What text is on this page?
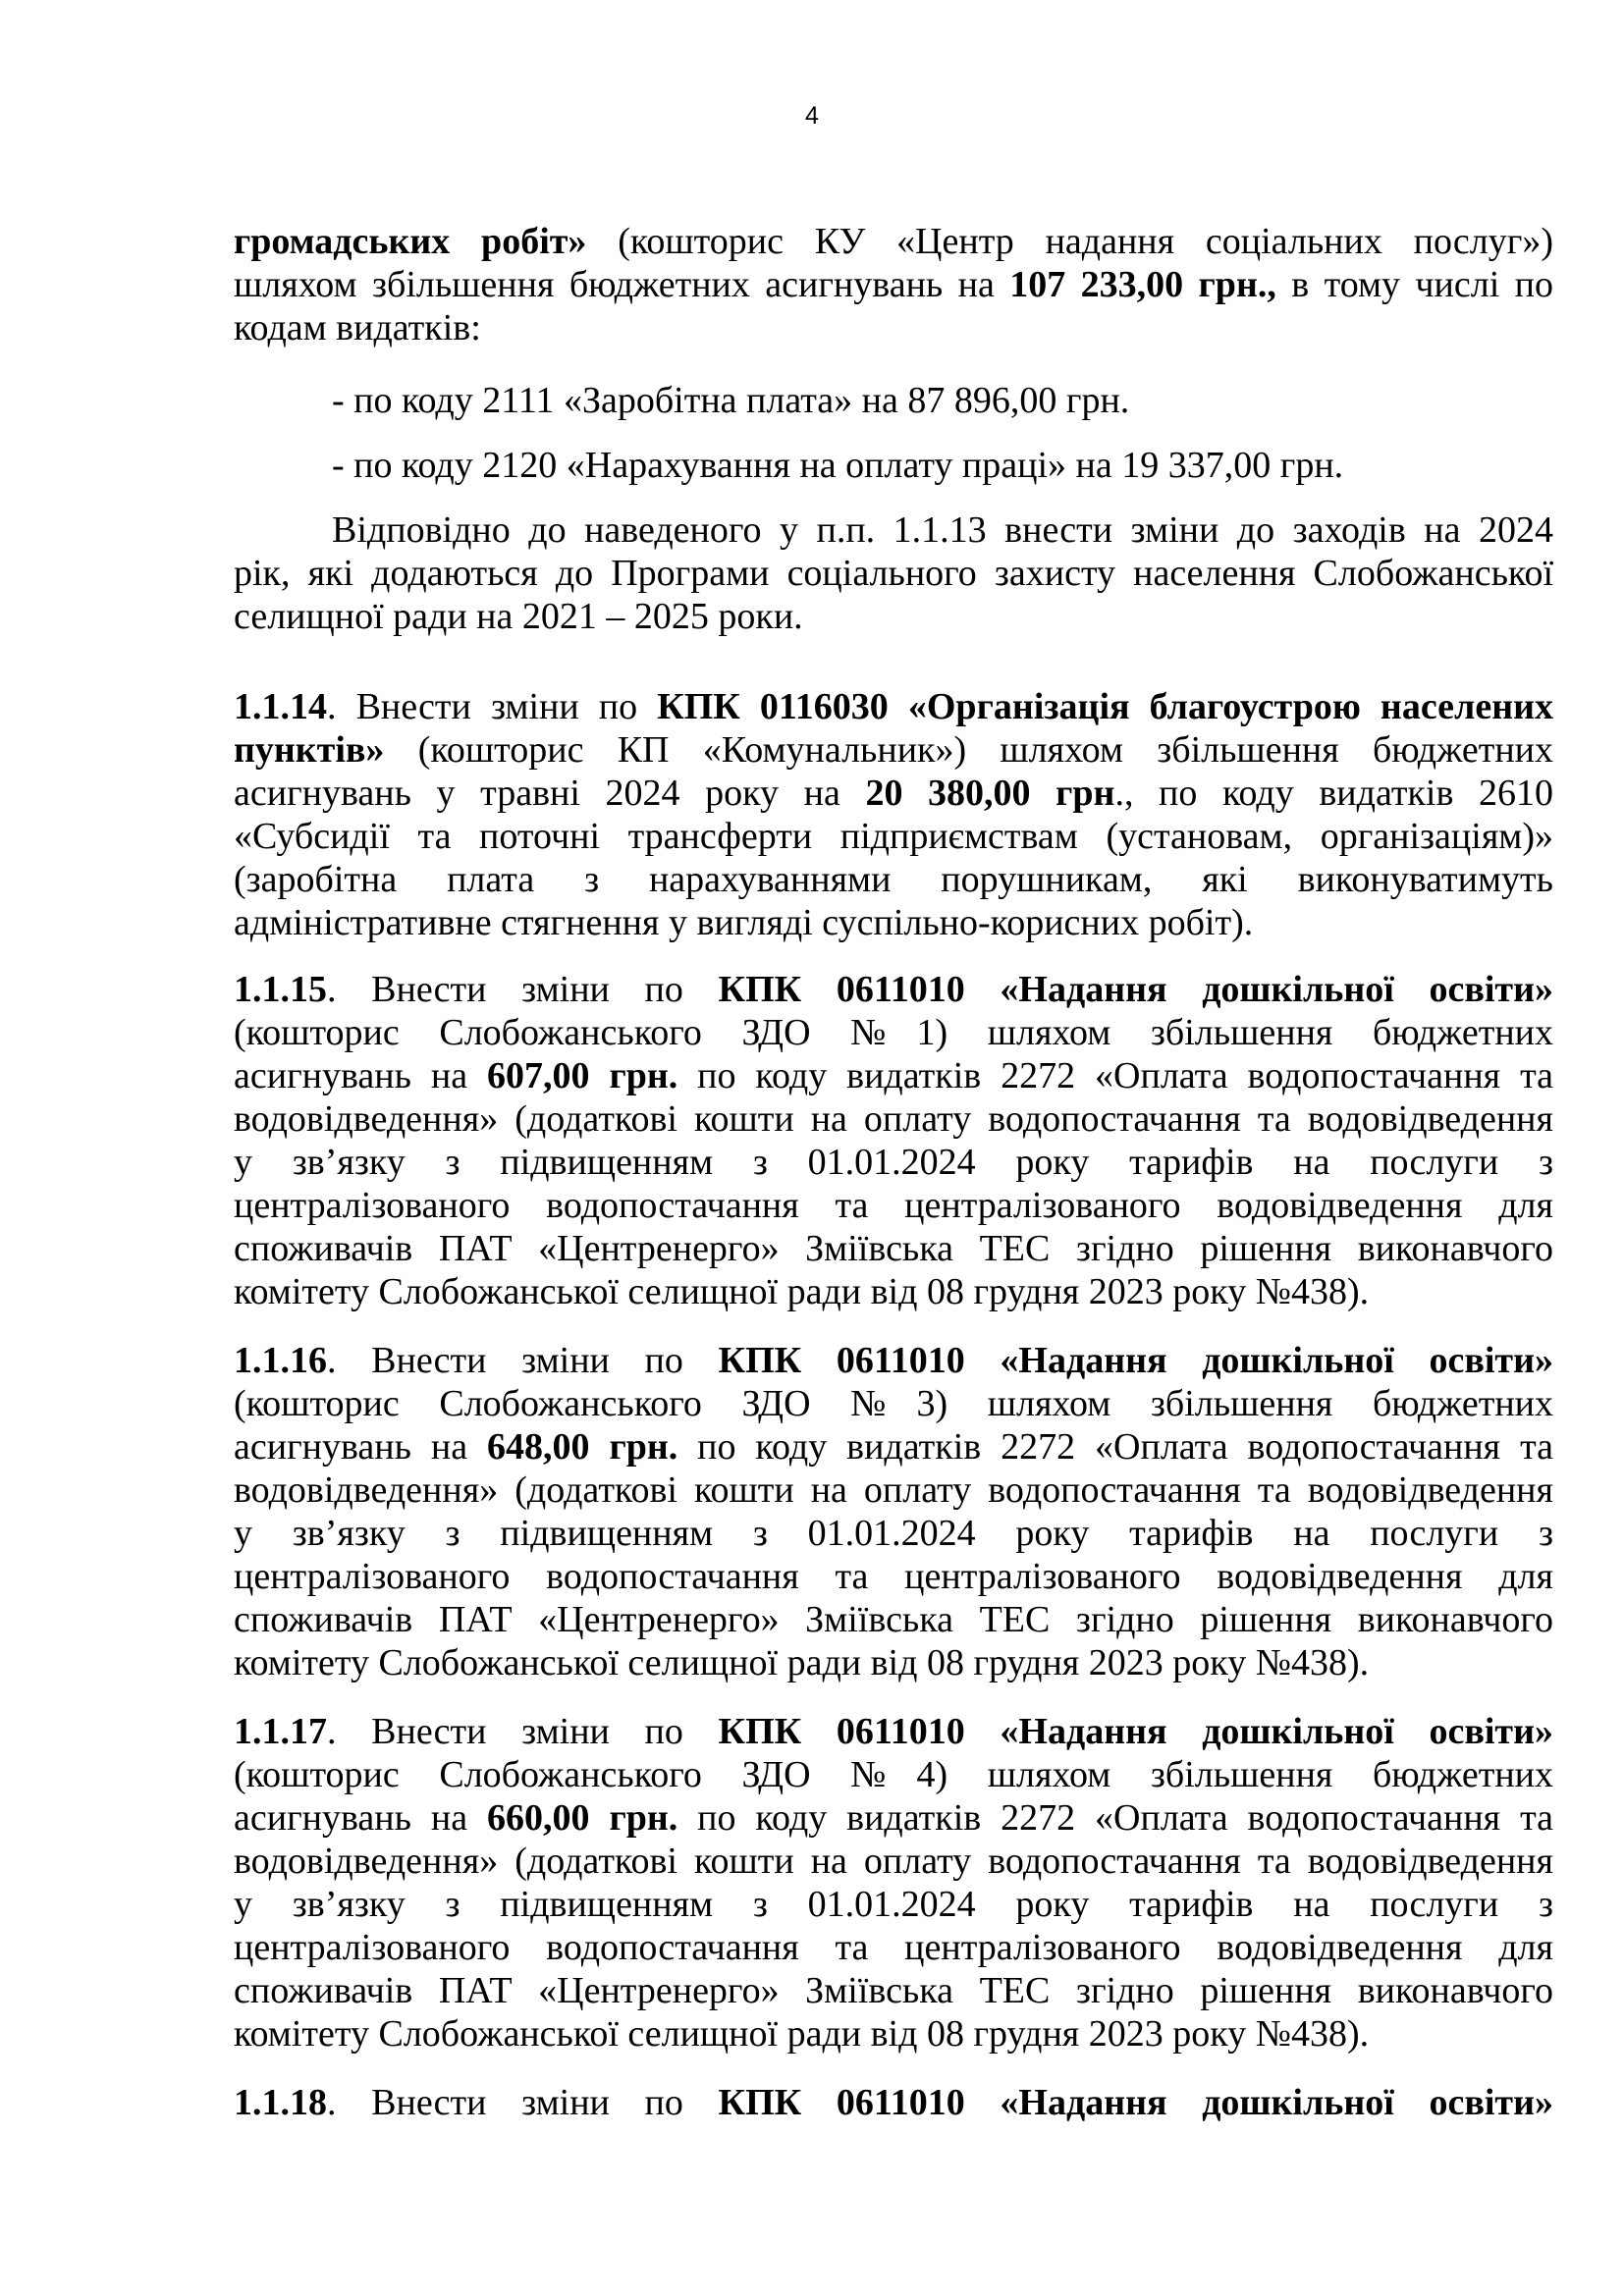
4
громадських робіт» (кошторис КУ «Центр надання соціальних послуг»)
шляхом збільшення бюджетних асигнувань на 107 233,00 грн., в тому числі по
кодам видатків:
- по коду 2111 «Заробітна плата» на 87 896,00 грн.
- по коду 2120 «Нарахування на оплату праці» на 19 337,00 грн.
Відповідно до наведеного у п.п. 1.1.13 внести зміни до заходів на 2024
рік, які додаються до Програми соціального захисту населення Слобожанської
селищної ради на 2021 – 2025 роки.
1.1.14. Внести зміни по КПК 0116030 «Організація благоустрою населених
пунктів» (кошторис КП «Комунальник») шляхом збільшення бюджетних
асигнувань у травні 2024 року на 20 380,00 грн., по коду видатків 2610
«Субсидії та поточні трансферти підприємствам (установам, організаціям)»
(заробітна плата з нарахуваннями порушникам, які виконуватимуть
адміністративне стягнення у вигляді суспільно-корисних робіт).
1.1.15. Внести зміни по КПК 0611010 «Надання дошкільної освіти»
(кошторис Слобожанського ЗДО №1) шляхом збільшення бюджетних
асигнувань на 607,00 грн. по коду видатків 2272 «Оплата водопостачання та
водовідведення» (додаткові кошти на оплату водопостачання та водовідведення
у зв’язку з підвищенням з 01.01.2024 року тарифів на послуги з
централізованого водопостачання та централізованого водовідведення для
споживачів ПАТ «Центренерго» Зміївська ТЕС згідно рішення виконавчого
комітету Слобожанської селищної ради від 08 грудня 2023 року №438).
1.1.16. Внести зміни по КПК 0611010 «Надання дошкільної освіти»
(кошторис Слобожанського ЗДО №3) шляхом збільшення бюджетних
асигнувань на 648,00 грн. по коду видатків 2272 «Оплата водопостачання та
водовідведення» (додаткові кошти на оплату водопостачання та водовідведення
у зв’язку з підвищенням з 01.01.2024 року тарифів на послуги з
централізованого водопостачання та централізованого водовідведення для
споживачів ПАТ «Центренерго» Зміївська ТЕС згідно рішення виконавчого
комітету Слобожанської селищної ради від 08 грудня 2023 року №438).
1.1.17. Внести зміни по КПК 0611010 «Надання дошкільної освіти»
(кошторис Слобожанського ЗДО №4) шляхом збільшення бюджетних
асигнувань на 660,00 грн. по коду видатків 2272 «Оплата водопостачання та
водовідведення» (додаткові кошти на оплату водопостачання та водовідведення
у зв’язку з підвищенням з 01.01.2024 року тарифів на послуги з
централізованого водопостачання та централізованого водовідведення для
споживачів ПАТ «Центренерго» Зміївська ТЕС згідно рішення виконавчого
комітету Слобожанської селищної ради від 08 грудня 2023 року №438).
1.1.18. Внести зміни по КПК 0611010 «Надання дошкільної освіти»
